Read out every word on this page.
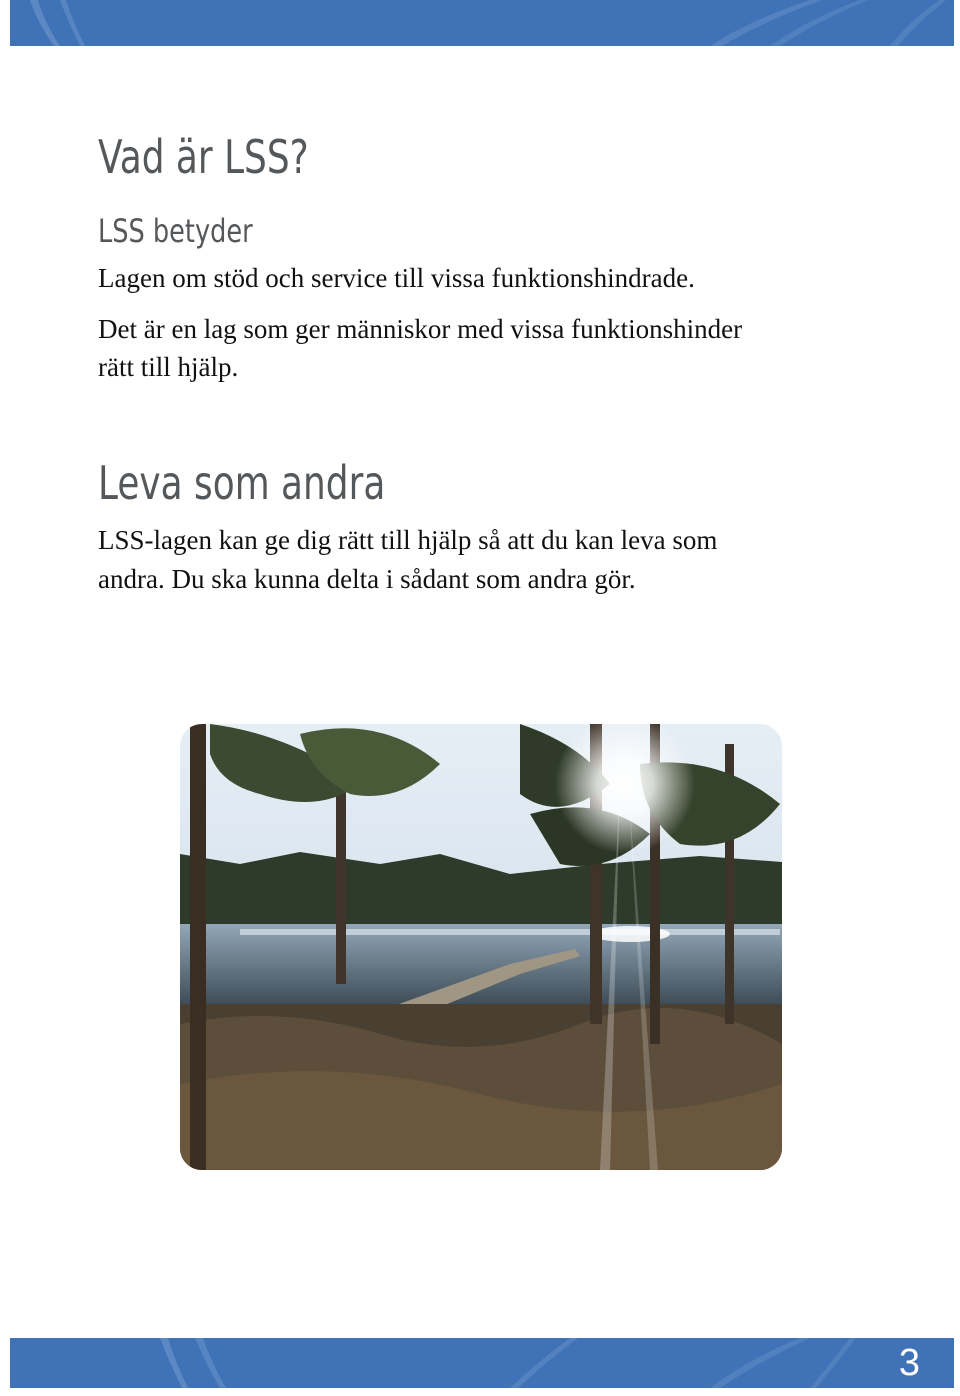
Vad är LSS?
LSS betyder

Lagen om stöd och service till vissa funktionshindrade.

Det är en lag som ger människor med vissa funktionshinder

rätt till hjälp.

Leva som andra

LSS-lagen kan ge dig rätt till hjälp så att du kan leva som

andra. Du ska kunna delta i sådant som andra gör.

3
